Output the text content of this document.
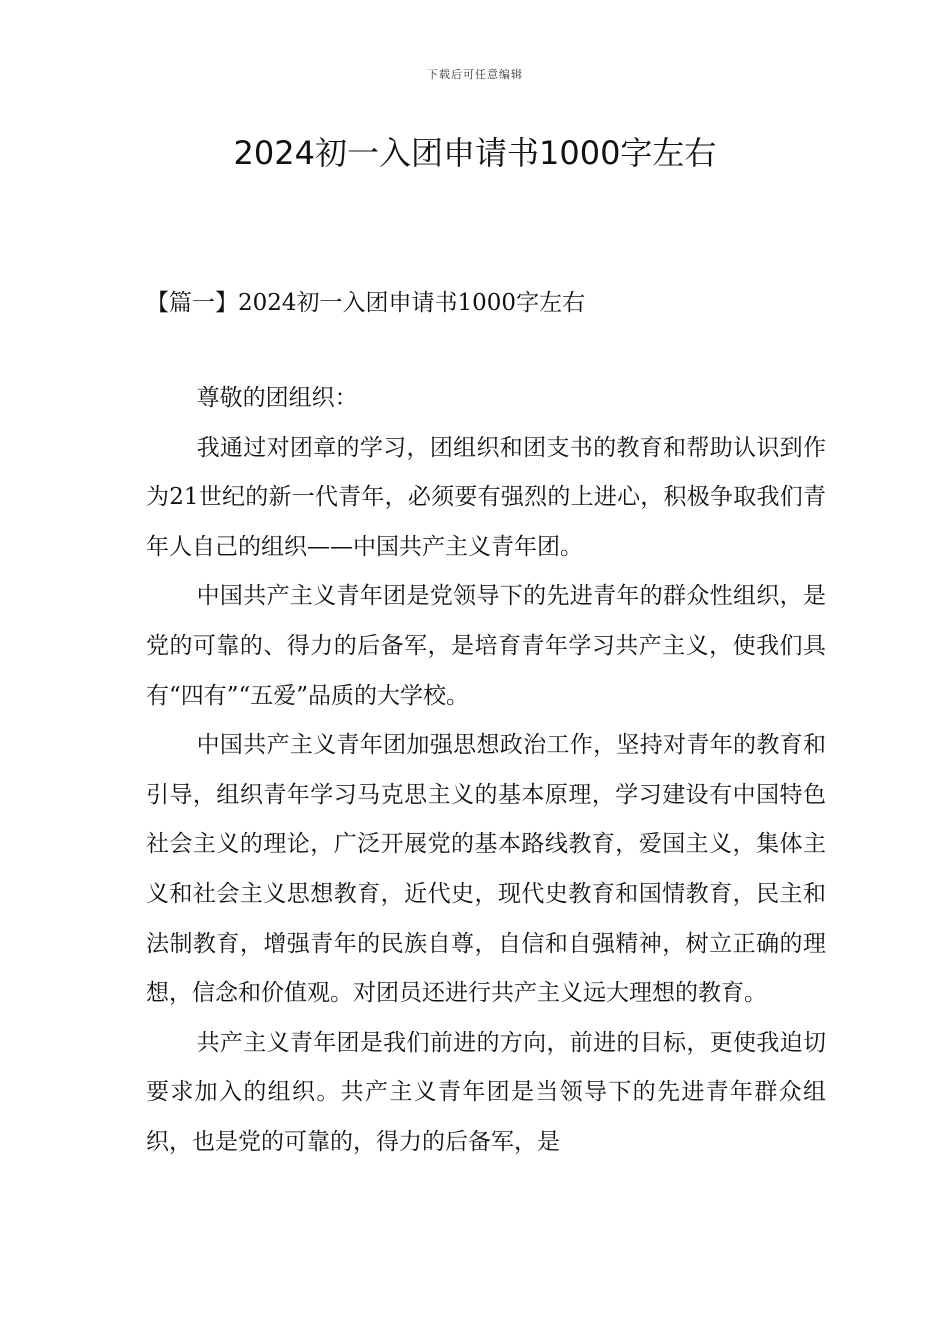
下载后可任意编辑
2024初一入团申请书1000字左右
【篇一】2024初一入团申请书1000字左右

尊敬的团组织：

我通过对团章的学习，团组织和团支书的教育和帮助认识到作为21世纪的新一代青年，必须要有强烈的上进心，积极争取我们青年人自己的组织——中国共产主义青年团。

中国共产主义青年团是党领导下的先进青年的群众性组织，是党的可靠的、得力的后备军，是培育青年学习共产主义，使我们具有“四有”“五爱”品质的大学校。

中国共产主义青年团加强思想政治工作，坚持对青年的教育和引导，组织青年学习马克思主义的基本原理，学习建设有中国特色社会主义的理论，广泛开展党的基本路线教育，爱国主义，集体主义和社会主义思想教育，近代史，现代史教育和国情教育，民主和法制教育，增强青年的民族自尊，自信和自强精神，树立正确的理想，信念和价值观。对团员还进行共产主义远大理想的教育。

共产主义青年团是我们前进的方向，前进的目标，更使我迫切要求加入的组织。共产主义青年团是当领导下的先进青年群众组织，也是党的可靠的，得力的后备军，是
